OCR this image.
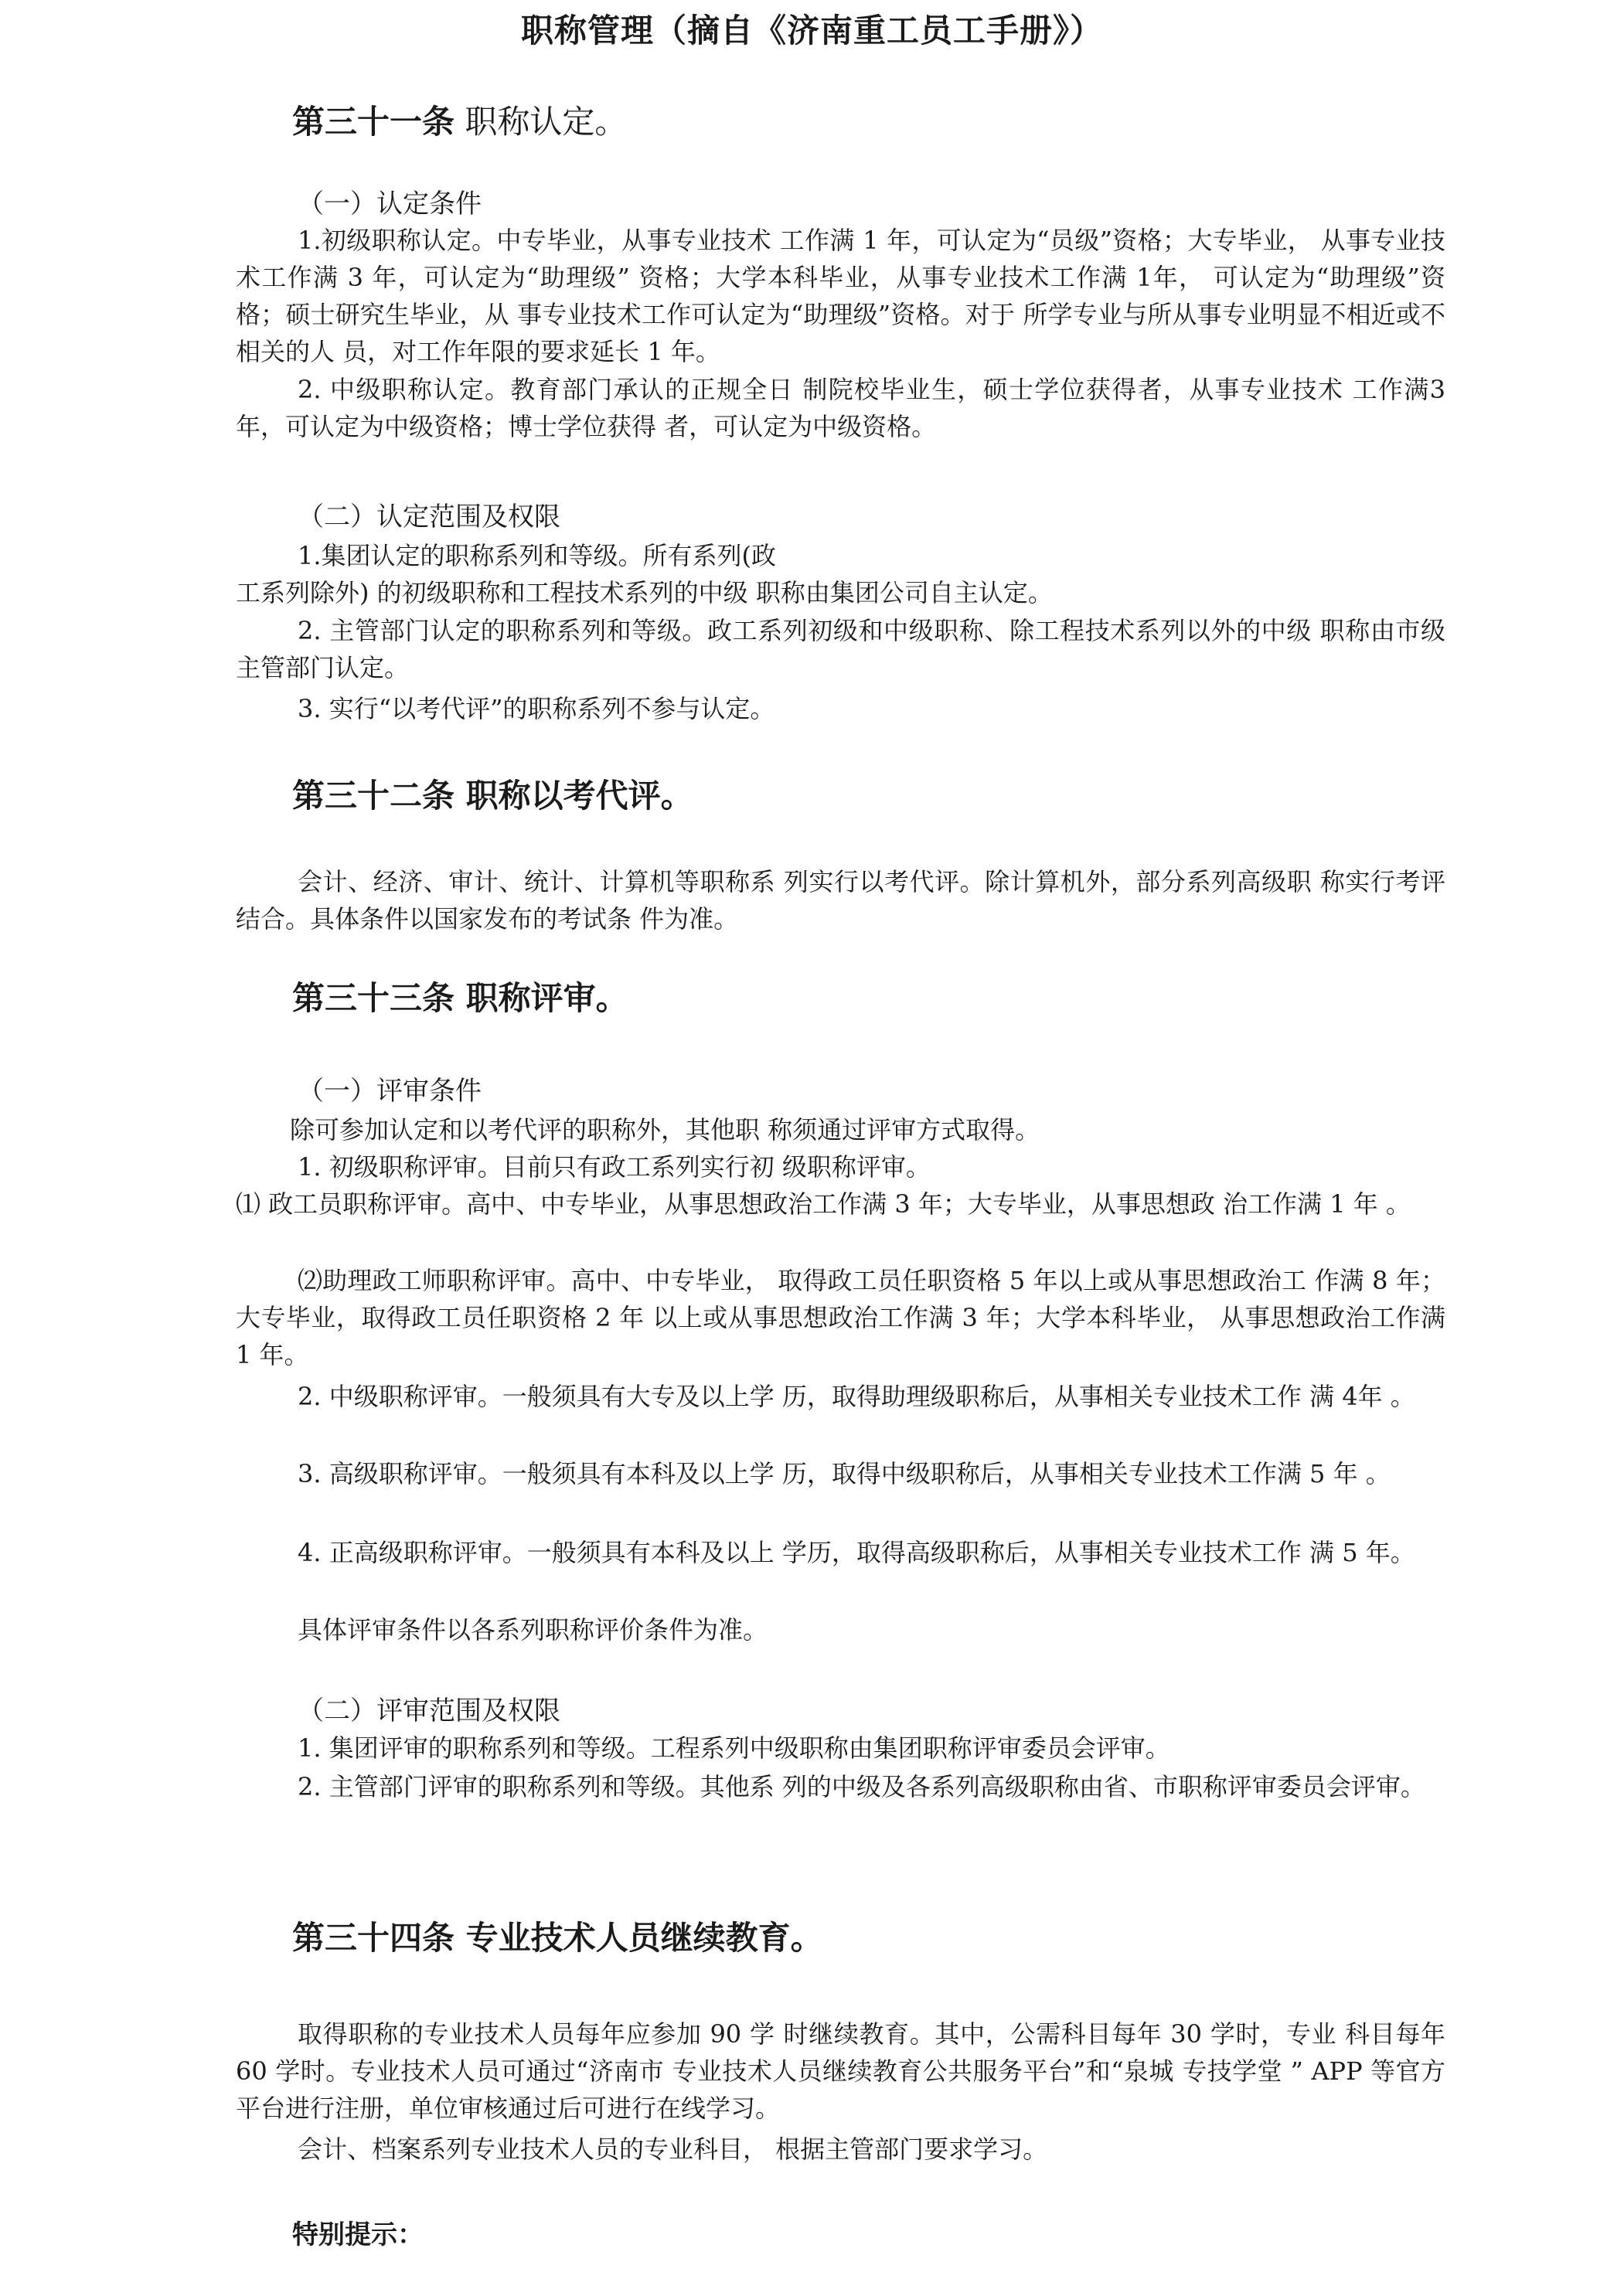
职称管理（摘自《济南重工员工手册》）
第三十一条 职称认定。
（一）认定条件
1.初级职称认定。中专毕业，从事专业技术 工作满 1 年，可认定为“员级”资格；大专毕业， 从事专业技术工作满 3 年，可认定为“助理级” 资格；大学本科毕业，从事专业技术工作满 1年， 可认定为“助理级”资格；硕士研究生毕业，从 事专业技术工作可认定为“助理级”资格。对于 所学专业与所从事专业明显不相近或不相关的人 员，对工作年限的要求延长 1 年。
2. 中级职称认定。教育部门承认的正规全日 制院校毕业生，硕士学位获得者，从事专业技术 工作满3年，可认定为中级资格；博士学位获得 者，可认定为中级资格。
（二）认定范围及权限
1.集团认定的职称系列和等级。所有系列(政
工系列除外) 的初级职称和工程技术系列的中级 职称由集团公司自主认定。
2. 主管部门认定的职称系列和等级。政工系列初级和中级职称、除工程技术系列以外的中级 职称由市级主管部门认定。
3. 实行“以考代评”的职称系列不参与认定。
第三十二条 职称以考代评。
会计、经济、审计、统计、计算机等职称系 列实行以考代评。除计算机外，部分系列高级职 称实行考评结合。具体条件以国家发布的考试条 件为准。
第三十三条 职称评审。
（一）评审条件
除可参加认定和以考代评的职称外，其他职 称须通过评审方式取得。
1. 初级职称评审。目前只有政工系列实行初 级职称评审。
⑴ 政工员职称评审。高中、中专毕业，从事思想政治工作满 3 年；大专毕业，从事思想政 治工作满 1 年 。
⑵助理政工师职称评审。高中、中专毕业， 取得政工员任职资格 5 年以上或从事思想政治工 作满 8 年；大专毕业，取得政工员任职资格 2 年 以上或从事思想政治工作满 3 年；大学本科毕业， 从事思想政治工作满 1 年。
2. 中级职称评审。一般须具有大专及以上学 历，取得助理级职称后，从事相关专业技术工作 满 4年 。
3. 高级职称评审。一般须具有本科及以上学 历，取得中级职称后，从事相关专业技术工作满 5 年 。
4. 正高级职称评审。一般须具有本科及以上 学历，取得高级职称后，从事相关专业技术工作 满 5 年。
具体评审条件以各系列职称评价条件为准。
（二）评审范围及权限
1. 集团评审的职称系列和等级。工程系列中级职称由集团职称评审委员会评审。
2. 主管部门评审的职称系列和等级。其他系 列的中级及各系列高级职称由省、市职称评审委员会评审。
第三十四条 专业技术人员继续教育。
取得职称的专业技术人员每年应参加 90 学 时继续教育。其中，公需科目每年 30 学时，专业 科目每年60 学时。专业技术人员可通过“济南市 专业技术人员继续教育公共服务平台”和“泉城 专技学堂 ” APP 等官方平台进行注册，单位审核通过后可进行在线学习。
会计、档案系列专业技术人员的专业科目， 根据主管部门要求学习。
特别提示：
